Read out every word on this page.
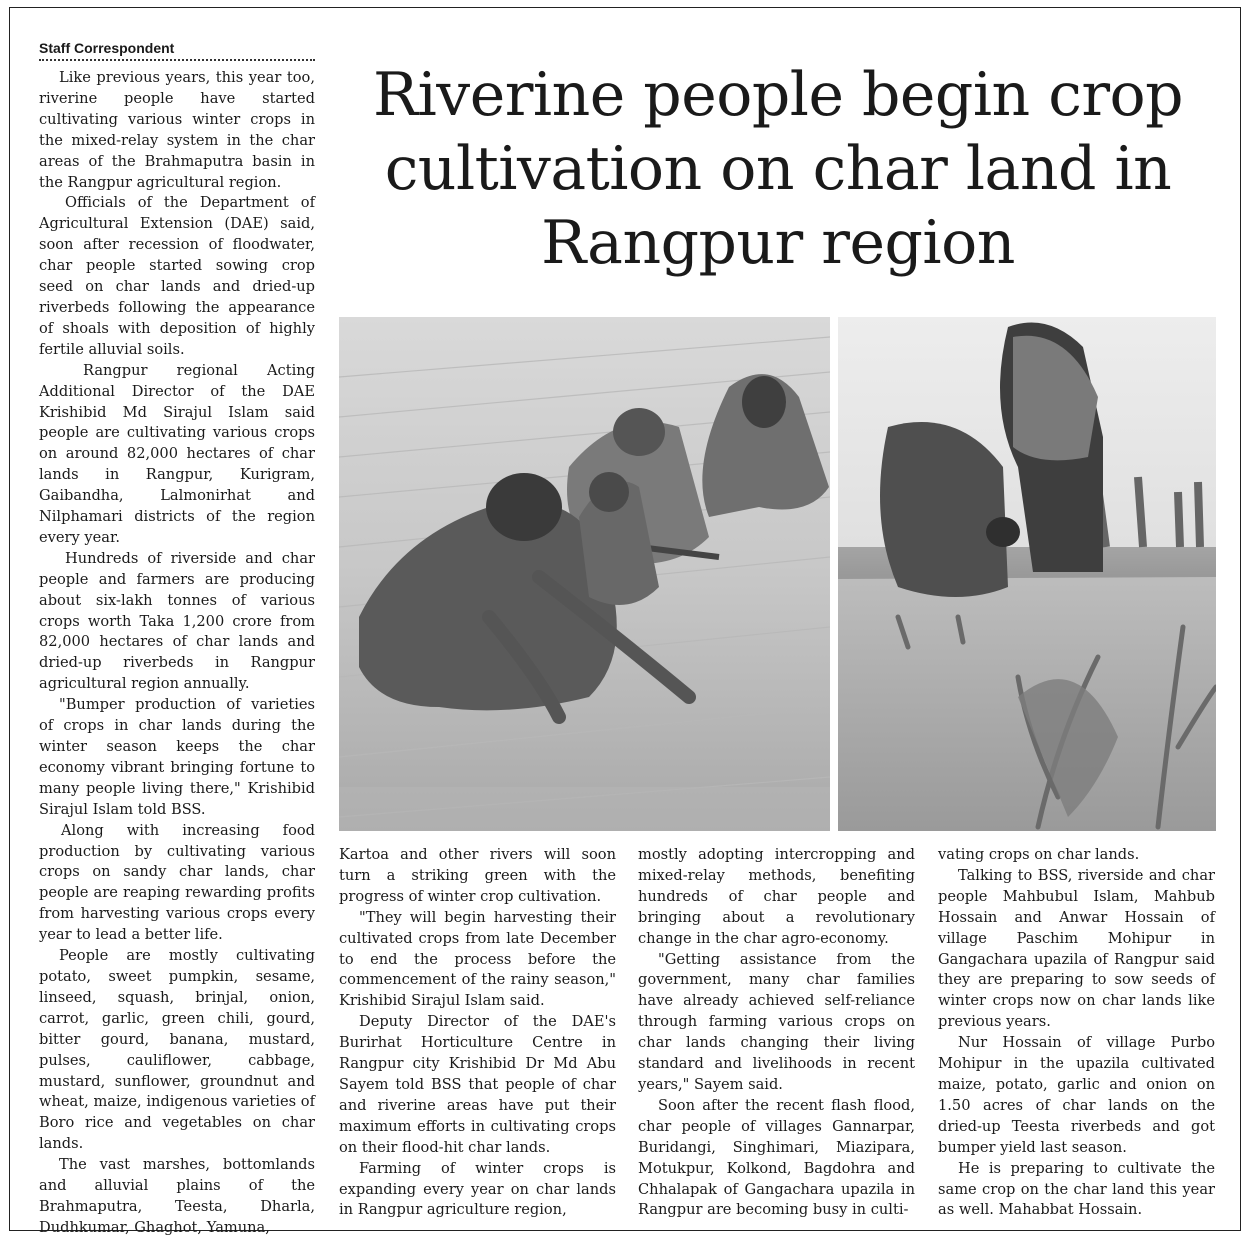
Staff Correspondent
Riverine people begin crop cultivation on char land in Rangpur region

Like previous years, this year too, riverine people have started cultivating various winter crops in the mixed-relay system in the char areas of the Brahmaputra basin in the Rangpur agricultural region.

Officials of the Department of Agricultural Extension (DAE) said, soon after recession of floodwater, char people started sowing crop seed on char lands and dried-up riverbeds following the appearance of shoals with deposition of highly fertile alluvial soils.

Rangpur regional Acting Additional Director of the DAE Krishibid Md Sirajul Islam said people are cultivating various crops on around 82,000 hectares of char lands in Rangpur, Kurigram, Gaibandha, Lalmonirhat and Nilphamari districts of the region every year.

Hundreds of riverside and char people and farmers are producing about six-lakh tonnes of various crops worth Taka 1,200 crore from 82,000 hectares of char lands and dried-up riverbeds in Rangpur agricultural region annually.

"Bumper production of varieties of crops in char lands during the winter season keeps the char economy vibrant bringing fortune to many people living there," Krishibid Sirajul Islam told BSS.

Along with increasing food production by cultivating various crops on sandy char lands, char people are reaping rewarding profits from harvesting various crops every year to lead a better life.

People are mostly cultivating potato, sweet pumpkin, sesame, linseed, squash, brinjal, onion, carrot, garlic, green chili, gourd, bitter gourd, banana, mustard, pulses, cauliflower, cabbage, mustard, sunflower, groundnut and wheat, maize, indigenous varieties of Boro rice and vegetables on char lands.

The vast marshes, bottomlands and alluvial plains of the Brahmaputra, Teesta, Dharla, Dudhkumar, Ghaghot, Yamuna,

Kartoa and other rivers will soon turn a striking green with the progress of winter crop cultivation.

"They will begin harvesting their cultivated crops from late December to end the process before the commencement of the rainy season," Krishibid Sirajul Islam said.

Deputy Director of the DAE's Burirhat Horticulture Centre in Rangpur city Krishibid Dr Md Abu Sayem told BSS that people of char and riverine areas have put their maximum efforts in cultivating crops on their flood-hit char lands.

Farming of winter crops is expanding every year on char lands in Rangpur agriculture region,

mostly adopting intercropping and mixed-relay methods, benefiting hundreds of char people and bringing about a revolutionary change in the char agro-economy.

"Getting assistance from the government, many char families have already achieved self-reliance through farming various crops on char lands changing their living standard and livelihoods in recent years," Sayem said.

Soon after the recent flash flood, char people of villages Gannarpar, Buridangi, Singhimari, Miazipara, Motukpur, Kolkond, Bagdohra and Chhalapak of Gangachara upazila in Rangpur are becoming busy in culti-

vating crops on char lands.

Talking to BSS, riverside and char people Mahbubul Islam, Mahbub Hossain and Anwar Hossain of village Paschim Mohipur in Gangachara upazila of Rangpur said they are preparing to sow seeds of winter crops now on char lands like previous years.

Nur Hossain of village Purbo Mohipur in the upazila cultivated maize, potato, garlic and onion on 1.50 acres of char lands on the dried-up Teesta riverbeds and got bumper yield last season.

He is preparing to cultivate the same crop on the char land this year as well. Mahabbat Hossain.
